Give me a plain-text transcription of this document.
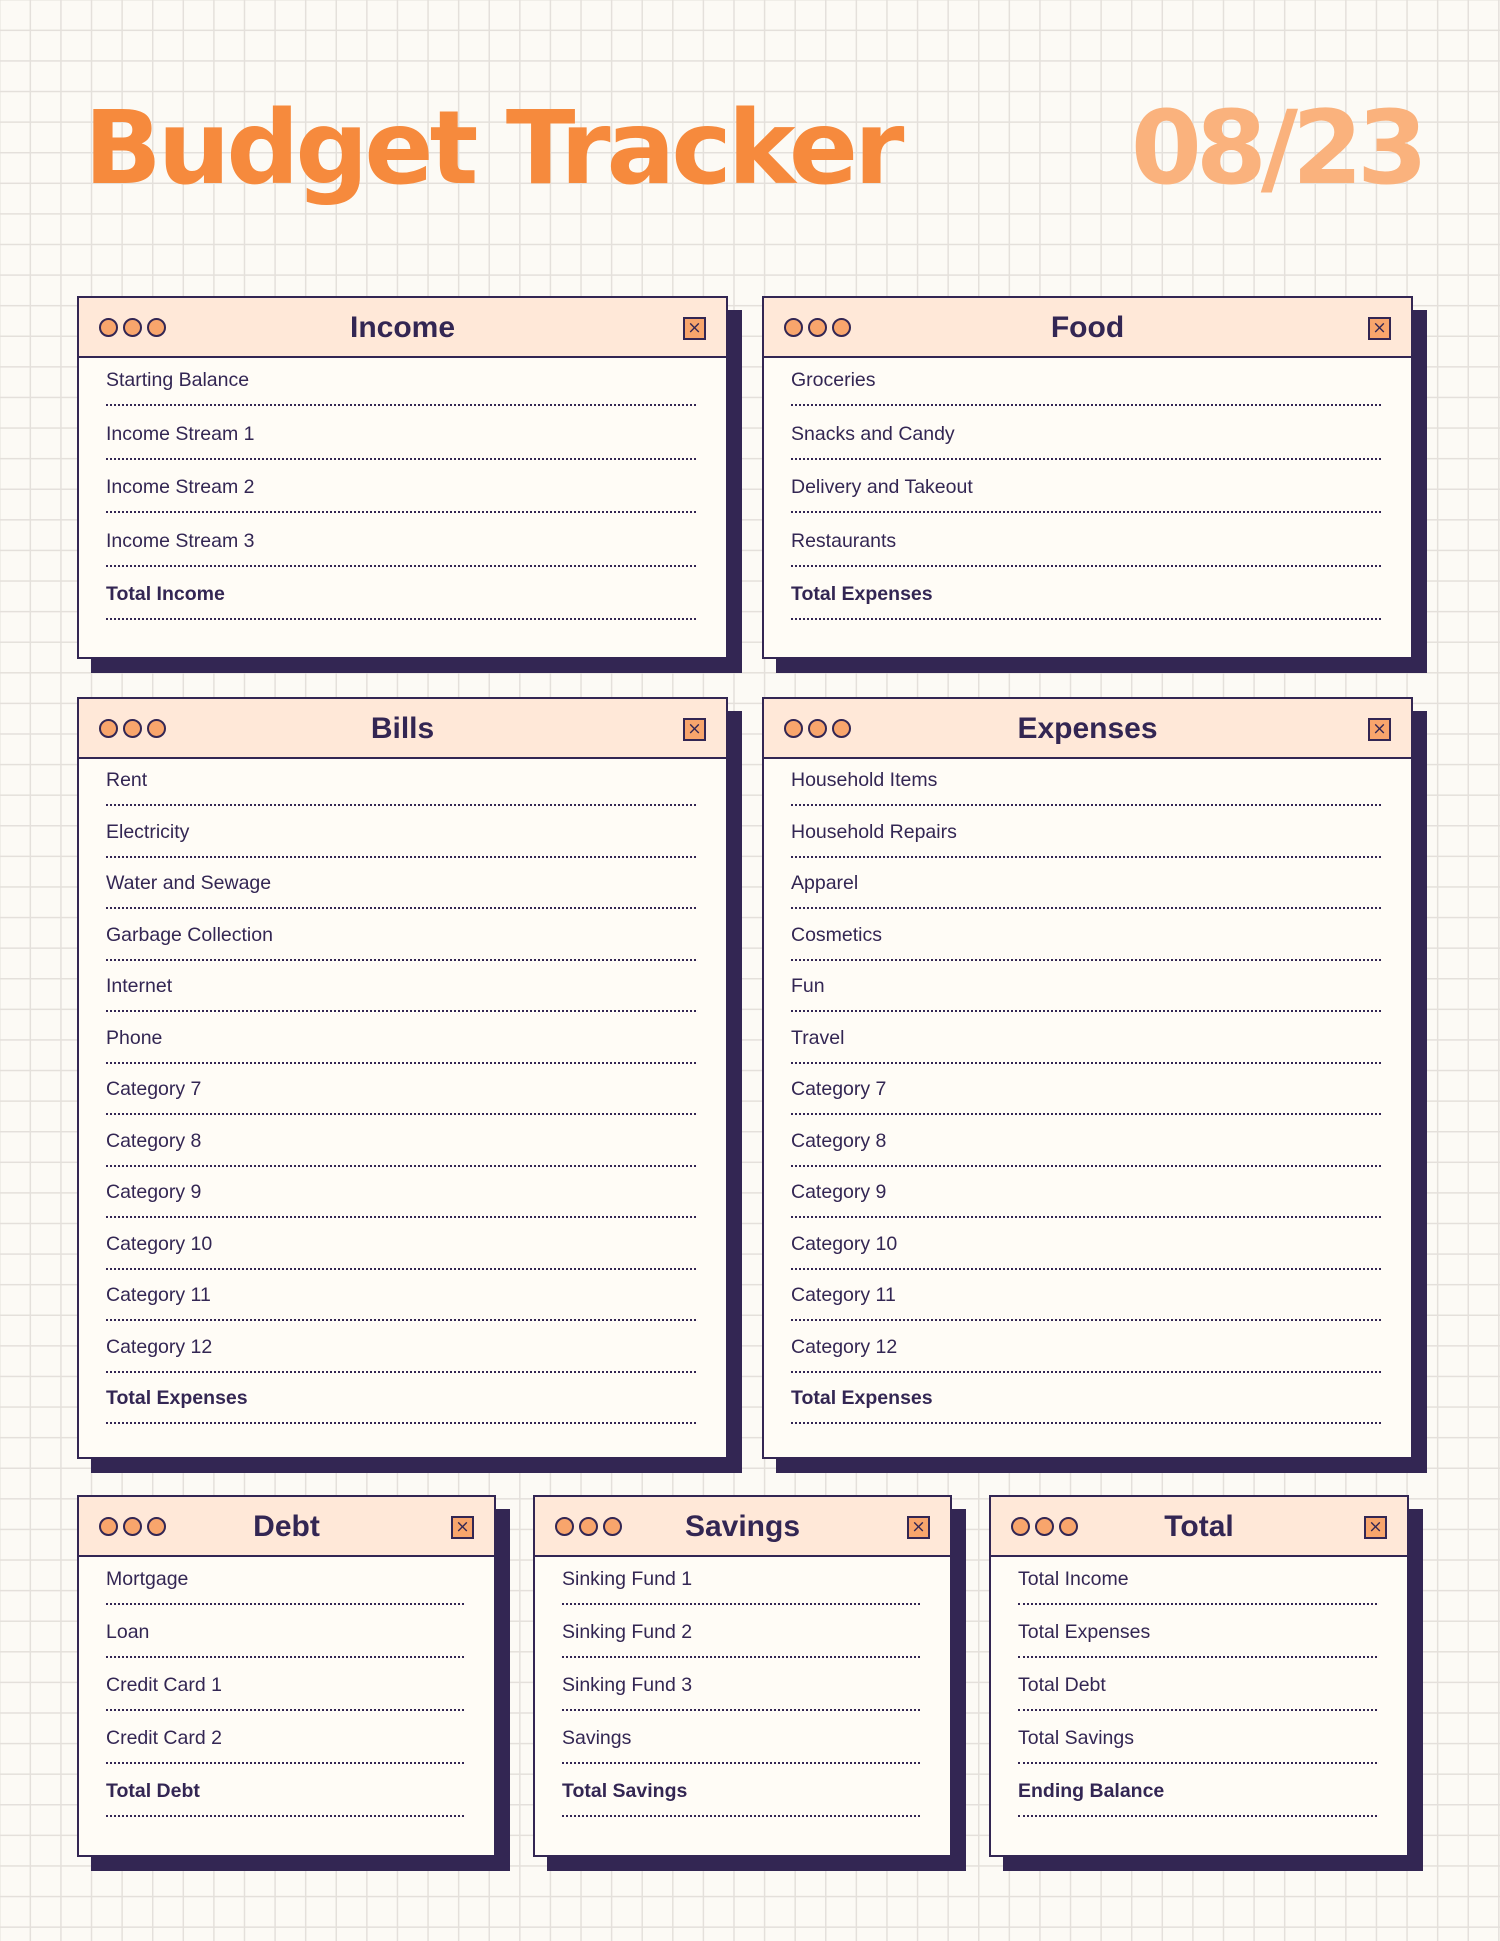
Budget Tracker 08/23
Income	×
Starting Balance
Income Stream 1
Income Stream 2
Income Stream 3
Total Income
Food	×
Groceries
Snacks and Candy
Delivery and Takeout
Restaurants
Total Expenses
Bills	×
Rent
Electricity
Water and Sewage
Garbage Collection
Internet
Phone
Category 7
Category 8
Category 9
Category 10
Category 11
Category 12
Total Expenses
Expenses	×
Household Items
Household Repairs
Apparel
Cosmetics
Fun
Travel
Category 7
Category 8
Category 9
Category 10
Category 11
Category 12
Total Expenses
Debt	×
Mortgage
Loan
Credit Card 1
Credit Card 2
Total Debt
Savings	×
Sinking Fund 1
Sinking Fund 2
Sinking Fund 3
Savings
Total Savings
Total	×
Total Income
Total Expenses
Total Debt
Total Savings
Ending Balance
